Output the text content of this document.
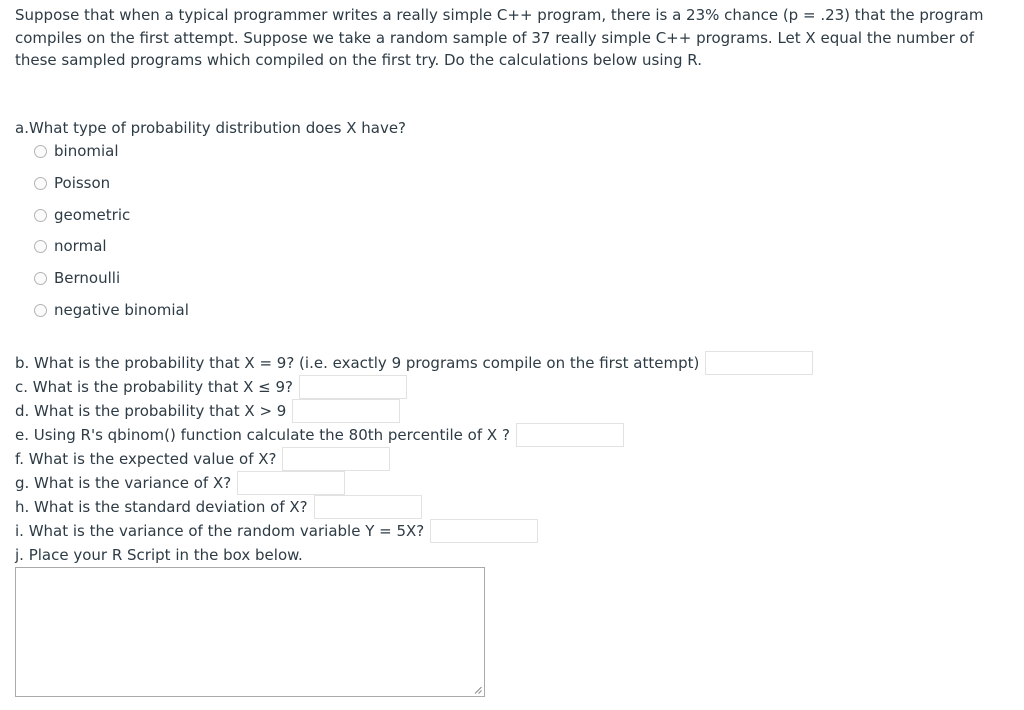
Suppose that when a typical programmer writes a really simple C++ program, there is a 23% chance (p = .23) that the program
compiles on the first attempt. Suppose we take a random sample of 37 really simple C++ programs. Let X equal the number of
these sampled programs which compiled on the first try. Do the calculations below using R.
a.What type of probability distribution does X have?
binomial
Poisson
geometric
normal
Bernoulli
negative binomial
b. What is the probability that X = 9? (i.e. exactly 9 programs compile on the first attempt)
c. What is the probability that X ≤ 9?
d. What is the probability that X > 9
e. Using R's qbinom() function calculate the 80th percentile of X ?
f. What is the expected value of X?
g. What is the variance of X?
h. What is the standard deviation of X?
i. What is the variance of the random variable Y = 5X?
j. Place your R Script in the box below.
